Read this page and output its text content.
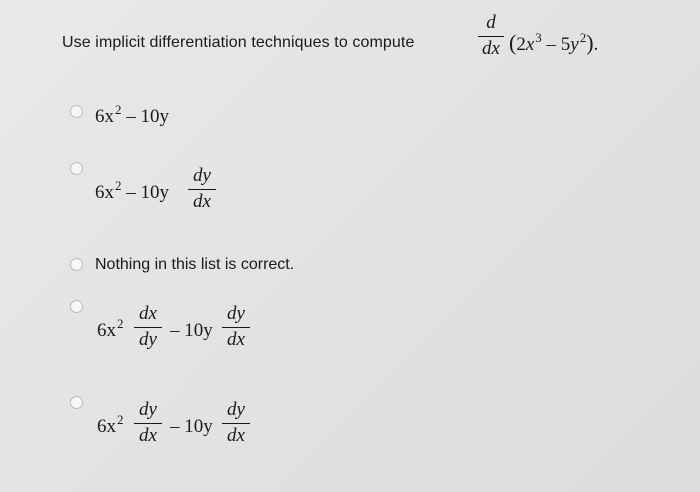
Use implicit differentiation techniques to compute
d
dx $(2x^3 - 5y^2)$.
$6x^2 - 10y$
$6x^2 - 10y$
dy
dx
Nothing in this list is correct.
$6x^2$ dx
dy – 10y
dy
dx
$6x^2$ dy
dx – 10y
dy
dx
